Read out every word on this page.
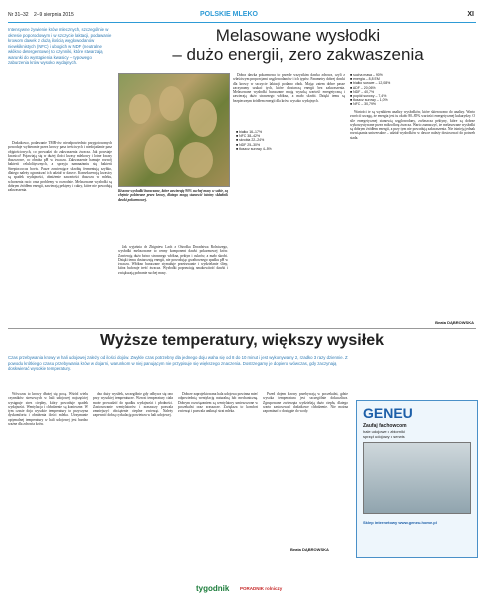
Nr 31–32 2–9 sierpnia 2015	POLSKIE MLEKO	XI
Intensywne żywienie krów mlecznych, szczególnie w okresie poporodowym i w szczycie laktacji, podawanie krowom dawek z dużą ilością węglowodanów niewłóknistych (NFC) i ubogich w NDF (neutralne włókno detergentowe) to czynniki, które stwarzają warunki do wystąpienia kwasicy – typowego zaburzenia krów wysoko wydajnych.
Melasowane wysłodki
– dużo energii, zero zakwaszenia

Dodatkowo, podawanie TMR-ów nieodpowiednio przygotowanych powoduje wybieranie przez krowy pasz treściwych i niedojadanie pasz objętościowych, co prowadzi do zakwaszenia żwacza. Jak powstaje kwasica? Pojawiają się w dużej ilości kwasy mlekowy i lotne kwasy tłuszczowe, co obniża pH w żwaczu. Zakwaszenie hamuje rozwój bakterii celulolitycznych, a sprzyja namnażaniu się bakterii Streptococcus bovis. Pasze zawierające skrobię fermentują szybko, dlatego należy ograniczać ich udział w dawce. Konsekwencją kwasicy są spadek wydajności, obniżenie zawartości tłuszczu w mleku, schorzenia racic oraz problemy w rozrodzie. Melasowane wysłodki są dobrym źródłem energii, zawierają pektyny i cukry, które nie powodują zakwaszenia.	Kiszone wysłodki buraczane, które zawierają 90% suchej masy w sobie, są chętnie pobierane przez krowy, dlatego mogą stanowić istotny składnik dawki pokarmowej.

Jak wyjaśnia dr Zbigniew Lach z Ośrodka Doradztwa Rolniczego, wysłodki melasowane to cenny komponent dawki pokarmowej krów. Zawierają dużo łatwo strawnego włókna, pektyn i cukrów, a mało skrobi. Dzięki temu dostarczają energii, nie powodując gwałtownego spadku pH w żwaczu. Włókno buraczane stymuluje przeżuwanie i wydzielanie śliny, która buforuje treść żwacza. Wysłodki poprawiają smakowitość dawki i zwiększają pobranie suchej masy.

Dobra dawka pokarmowa to przede wszystkim dawka zdrowa, czyli z właściwym proporcjami węglowodanów i ich typów. Parametry dobrej dawki dla krowy w szczycie laktacji podano obok. Mając zatem dobre pasze zaczynamy szukać tych, które dostarczą energii bez zakwaszenia. Melasowane wysłodki buraczane mają wysoką wartość energetyczną i zawierają dużo strawnego włókna, a mało skrobi. Dzięki temu są bezpiecznym źródłem energii dla krów wysoko wydajnych.

■ białko 16–17%
■ NFC 38–42%
■ skrobia 22–24%
■ NDF 25–30%
■ tłuszcz surowy 4–5%
■ sucha masa – 90%
■ energia – 8,8 EM
■ białko surowe – 12,08%
■ ADF – 20,06%
■ NDF – 40,7%
■ popiół surowy – 7,4%
■ tłuszcz surowy – 1,0%
■ NFC – 30,79%

Wartości te są wynikiem analizy wysłodków, które skierowano do analizy. Warto zwrócić uwagę, że energia jest tu około 80–85% wartości energetycznej kukurydzy. O sile energetycznej stanowią węglowodany, zwłaszcza pektyny, które są dobrze wykorzystywane przez mikroflorę żwacza. Warto zaznaczyć, że melasowane wysłodki są dobrym źródłem energii, a przy tym nie powodują zakwaszenia. Nie istnieją jednak rozwiązania uniwersalne – udział wysłodków w dawce należy dostosować do potrzeb stada.

Beata DĄBROWSKA
Wyższe temperatury, większy wysiłek
Czas przebywania krowy w hali udojowej zależy od ilości dojów. Zwykle czas potrzebny dla jednego doju waha się od 8 do 10 minut i jest wykonywany 2, rzadko 3 razy dziennie. Z powodu krótkiego czasu przebywania krów w dojarni, warunkom w niej panującym nie przypisuje się większego znaczenia. Dostrzegamy je dopiero wówczas, gdy zaczynają doskwierać wysokie temperatury.

Wówczas to krowy dłużej się pocą. Wśród wielu czynników stresowych w hali udojowej najczęściej występuje stres cieplny, który powoduje spadek wydajności. Wentylacja i chłodzenie są konieczne. W tym czasie doja wysokie temperatury to przyczyna dyskomfortu i obniżenia ilości mleka. Utrzymanie optymalnej temperatury w hali udojowej jest bardzo ważne dla zdrowia krów.

dzo duży wysiłek, szczególnie gdy odbywa się ono przy wysokiej temperaturze. Wzrost temperatury ciała może prowadzić do spadku wydajności i płodności. Zastosowanie wentylatorów i zraszaczy pozwala zmniejszyć obciążenie cieplne zwierząt. Należy zapewnić dobrą cyrkulację powietrza w hali udojowej.

Dobrze zaprojektowana hala udojowa powinna mieć odpowiednią wentylację naturalną lub mechaniczną. Dobrym rozwiązaniem są wentylatory umieszczone w poczekalni oraz zraszacze. Zwiększa to komfort zwierząt i pozwala uniknąć strat mleka.

Przed dojem krowy przebywają w poczekalni, gdzie wysoka temperatura jest szczególnie dokuczliwa. Zgrupowane zwierzęta wydzielają dużo ciepła, dlatego warto zastosować dodatkowe chłodzenie. Nie można zapominać o dostępie do wody.

Beata DĄBROWSKA
GENEU
Zaufaj fachowcom
hale udojowe • zbiorniki
sprzęt udojowy • serwis
Sklep internetowy www.geneu.home.pl
tygodnik PORADNIK rolniczy
